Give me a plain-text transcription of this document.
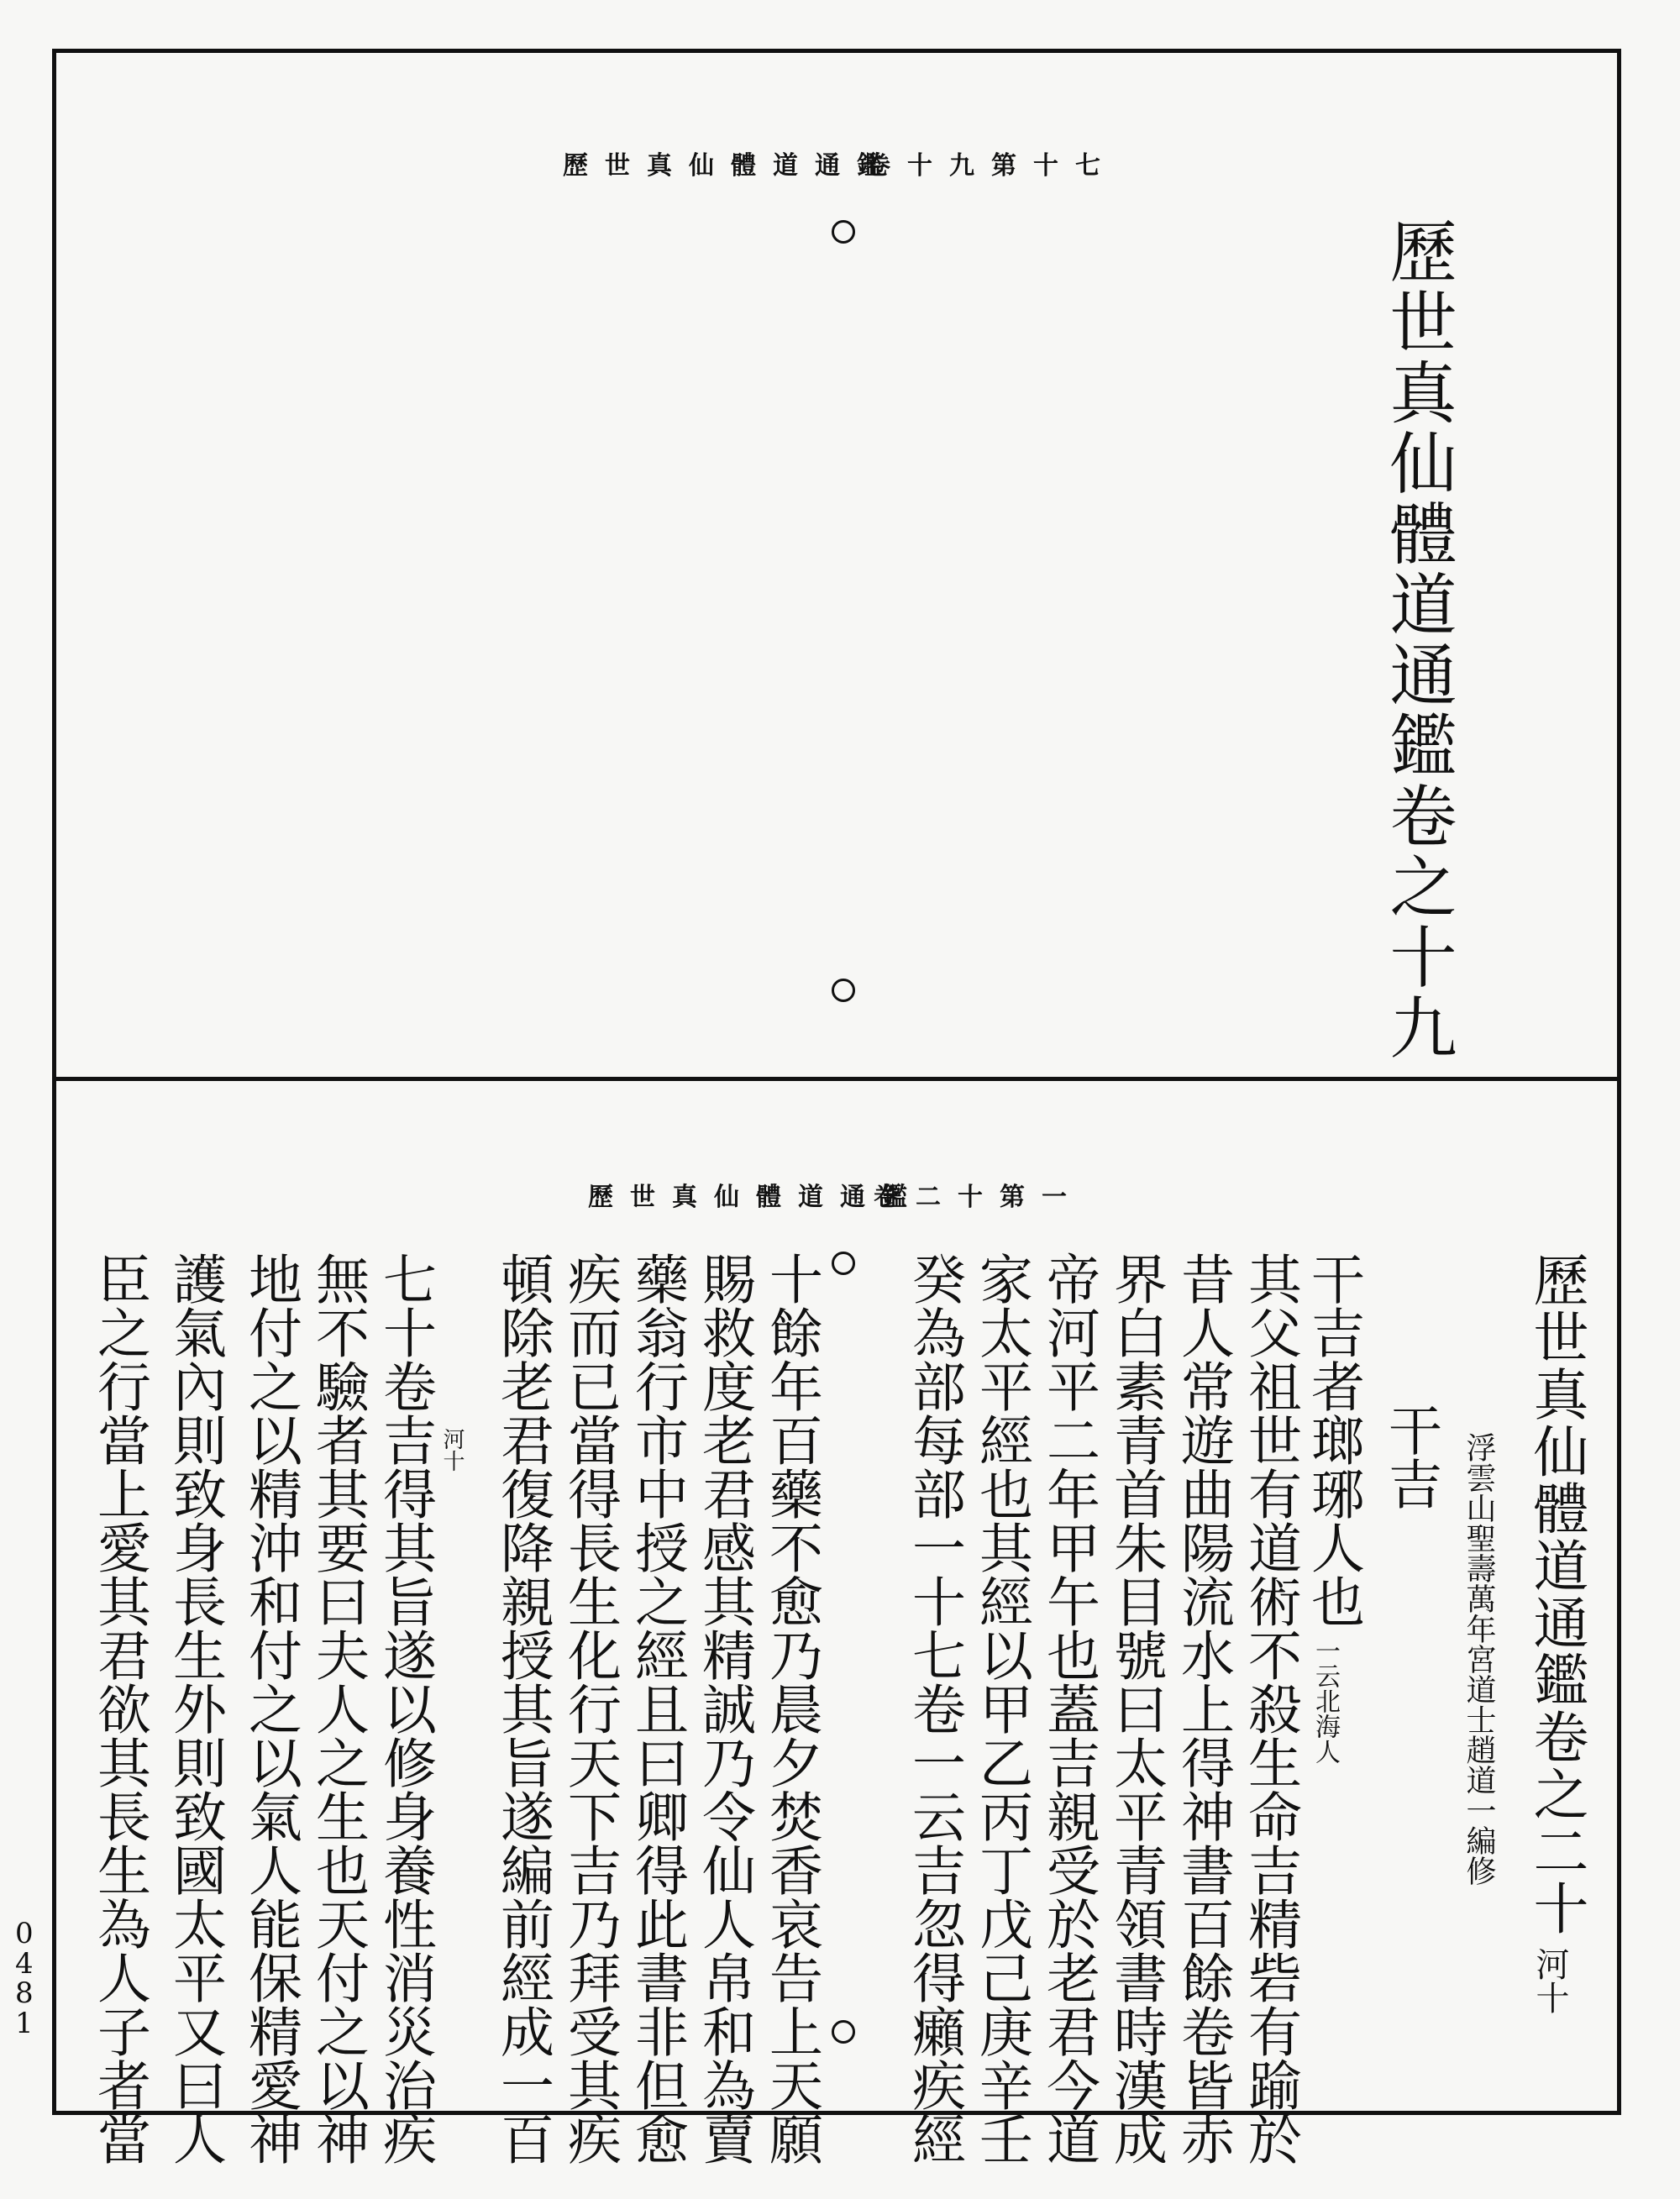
歷世真仙體道通鑑
卷十九第十七
歷世真仙體道通鑑卷之十九
歷世真仙體道通鑑
卷二十第一
歷世真仙體道通鑑卷之二十
河十
浮雲山聖壽萬年宮道士趙道一編修
干吉
干吉者瑯琊人也
一云北海人
其父祖世有道術不殺生命吉精砦有踰於
昔人常遊曲陽流水上得神書百餘卷皆赤
界白素青首朱目號曰太平青領書時漢成
帝河平二年甲午也蓋吉親受於老君今道
家太平經也其經以甲乙丙丁戊己庚辛壬
癸為部每部一十七卷一云吉忽得癩疾經
十餘年百藥不愈乃晨夕焚香哀告上天願
賜救度老君感其精誠乃令仙人帛和為賣
藥翁行市中授之經且曰卿得此書非但愈
疾而已當得長生化行天下吉乃拜受其疾
頓除老君復降親授其旨遂編前經成一百
河十
七十卷吉得其旨遂以修身養性消災治疾
無不驗者其要曰夫人之生也天付之以神
地付之以精沖和付之以氣人能保精愛神
護氣內則致身長生外則致國太平又曰人
臣之行當上愛其君欲其長生為人子者當
0481
